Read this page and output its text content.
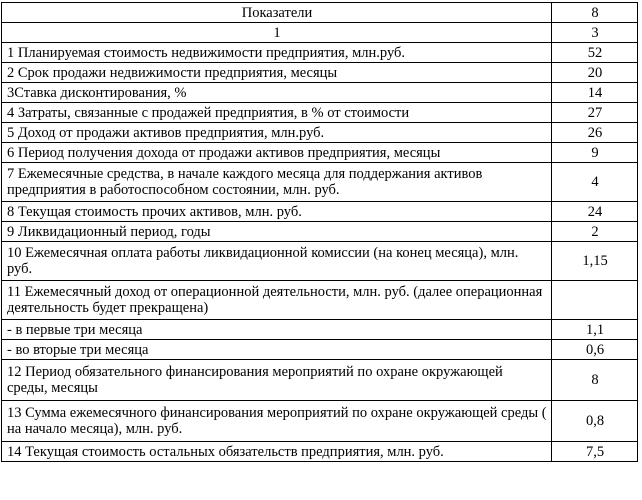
Показатели	8
1	3
1 Планируемая стоимость недвижимости предприятия, млн.руб.	52
2 Срок продажи недвижимости предприятия, месяцы	20
3Ставка дисконтирования, %	14
4 Затраты, связанные с продажей предприятия, в % от стоимости	27
5 Доход от продажи активов предприятия, млн.руб.	26
6 Период получения дохода от продажи активов предприятия, месяцы	9
7 Ежемесячные средства, в начале каждого месяца для поддержания активов предприятия в работоспособном состоянии, млн. руб.	4
8 Текущая стоимость прочих активов, млн. руб.	24
9 Ликвидационный период, годы	2
10 Ежемесячная оплата работы ликвидационной комиссии (на конец месяца), млн. руб.	1,15
11 Ежемесячный доход от операционной деятельности, млн. руб. (далее операционная деятельность будет прекращена)	
- в первые три месяца	1,1
- во вторые три месяца	0,6
12 Период обязательного финансирования мероприятий по охране окружающей среды, месяцы	8
13 Сумма ежемесячного финансирования мероприятий по охране окружающей среды ( на начало месяца), млн. руб.	0,8
14 Текущая стоимость остальных обязательств предприятия, млн. руб.	7,5
